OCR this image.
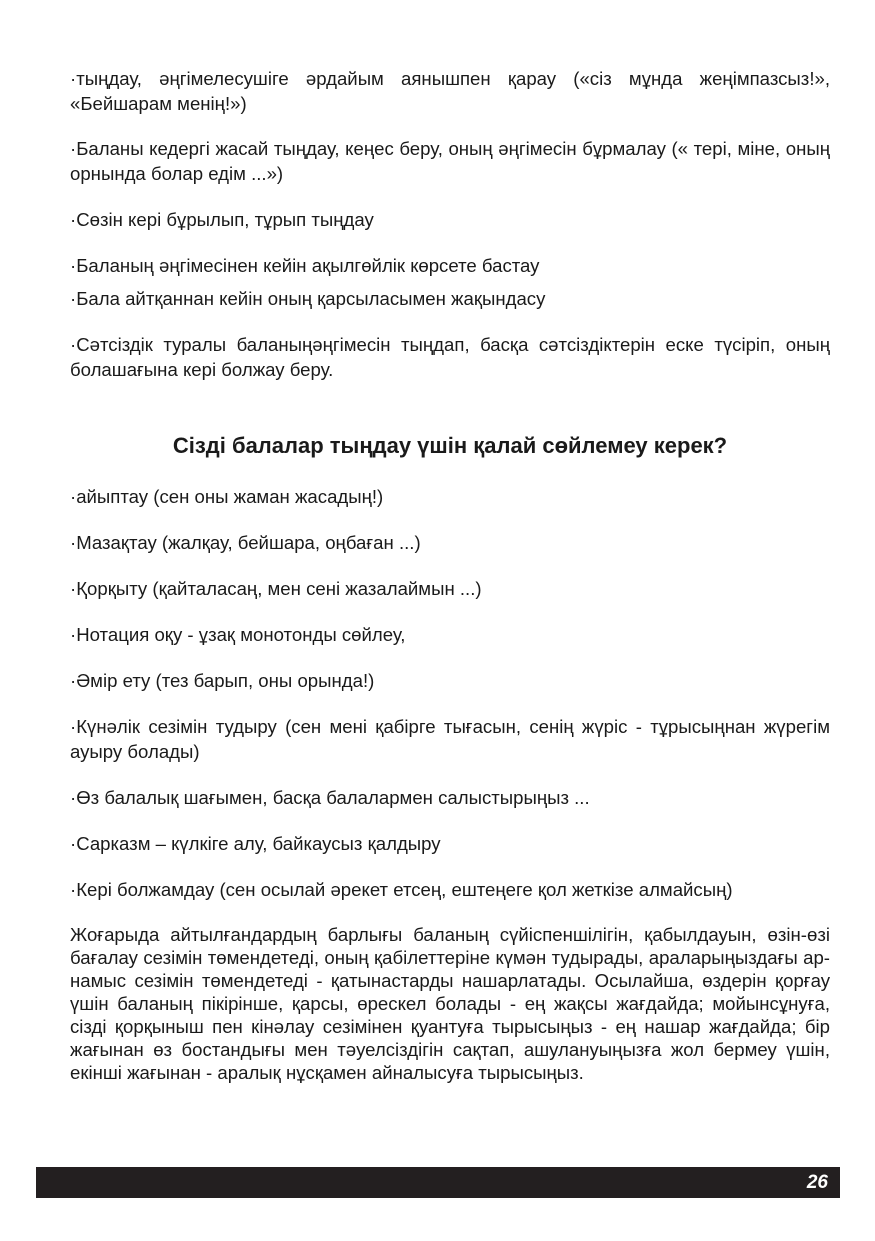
·тыңдау, әңгімелесушіге әрдайым аянышпен қарау («сіз мұнда жеңімпазсыз!», «Бейшарам менің!»)

·Баланы кедергі жасай тыңдау, кеңес беру, оның әңгімесін бұрмалау (« тері, міне, оның орнында болар едім ...»)

·Сөзін кері бұрылып, тұрып тыңдау

·Баланың әңгімесінен кейін ақылгөйлік көрсете бастау

·Бала айтқаннан кейін оның қарсыласымен жақындасу

·Сәтсіздік туралы баланыңәңгімесін тыңдап, басқа сәтсіздіктерін еске түсіріп, оның болашағына кері болжау беру.

Сізді балалар тыңдау үшін қалай сөйлемеу керек?

·айыптау (сен оны жаман жасадың!)

·Мазақтау (жалқау, бейшара, оңбаған ...)

·Қорқыту (қайталасаң, мен сені жазалаймын ...)

·Нотация оқу - ұзақ монотонды сөйлеу,

·Әмір ету (тез барып, оны орында!)

·Күнәлік сезімін тудыру (сен мені қабірге тығасын, сенің жүріс - тұрысыңнан жүрегім ауыру болады)

·Өз балалық шағымен, басқа балалармен салыстырыңыз ...

·Сарказм – күлкіге алу, байкаусыз қалдыру

·Кері болжамдау (сен осылай әрекет етсең, ештеңеге қол жеткізе алмайсың)

Жоғарыда айтылғандардың барлығы баланың сүйіспеншілігін, қабылдауын, өзін-өзі бағалау сезімін төмендетеді, оның қабілеттеріне күмән тудырады, араларыңыздағы ар-намыс сезімін төмендетеді - қатынастарды нашарлатады. Осылайша, өздерін қорғау үшін баланың пікірінше, қарсы, өрескел болады - ең жақсы жағдайда; мойынсұнуға, сізді қорқыныш пен кінәлау сезімінен қуантуға тырысыңыз - ең нашар жағдайда; бір жағынан өз бостандығы мен тәуелсіздігін сақтап, ашулануыңызға жол бермеу үшін, екінші жағынан - аралық нұсқамен айналысуға тырысыңыз.

26
